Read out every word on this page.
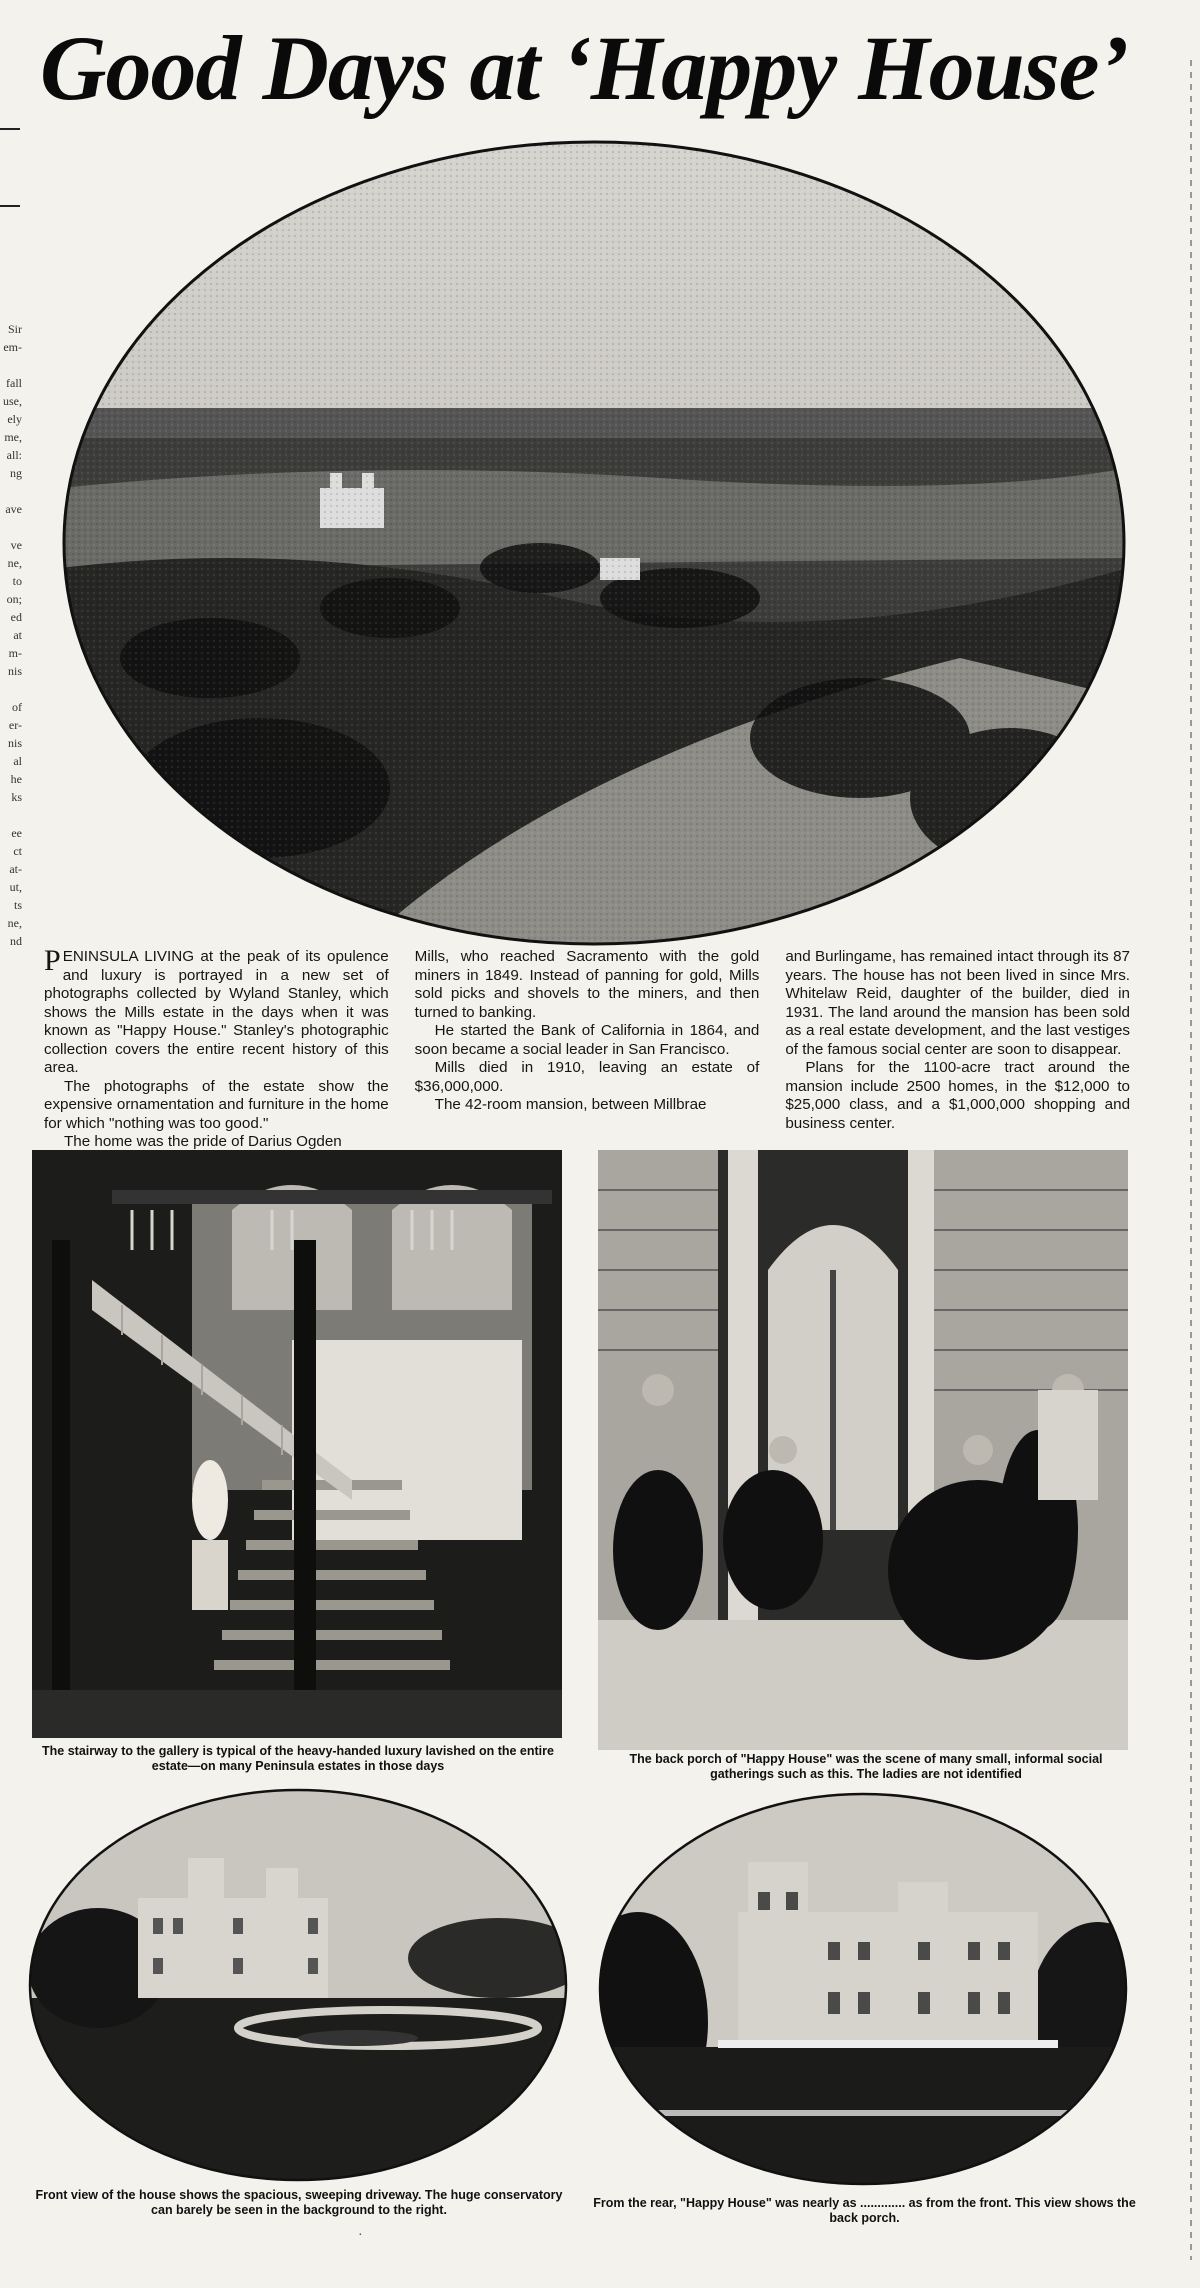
Sir
em-

fall
use,
ely
me,
all:
ng

ave

ve
ne,
to
on;
ed
at
m-
nis

of
er-
nis
al
he
ks

ee
ct
at-
ut,
ts
ne,
nd
Good Days at ‘Happy House’

PENINSULA LIVING at the peak of its opulence and luxury is portrayed in a new set of photographs collected by Wyland Stanley, which shows the Mills estate in the days when it was known as "Happy House." Stanley's photographic collection covers the entire recent history of this area.

The photographs of the estate show the expensive ornamentation and furniture in the home for which "nothing was too good."

The home was the pride of Darius Ogden

Mills, who reached Sacramento with the gold miners in 1849. Instead of panning for gold, Mills sold picks and shovels to the miners, and then turned to banking.

He started the Bank of California in 1864, and soon became a social leader in San Francisco.

Mills died in 1910, leaving an estate of $36,000,000.

The 42-room mansion, between Millbrae

and Burlingame, has remained intact through its 87 years. The house has not been lived in since Mrs. Whitelaw Reid, daughter of the builder, died in 1931. The land around the mansion has been sold as a real estate development, and the last vestiges of the famous social center are soon to disappear.

Plans for the 1100-acre tract around the mansion include 2500 homes, in the $12,000 to $25,000 class, and a $1,000,000 shopping and business center.

The stairway to the gallery is typical of the heavy-handed luxury lavished on the entire estate—on many Peninsula estates in those days	The back porch of "Happy House" was the scene of many small, informal social gatherings such as this. The ladies are not identified
Front view of the house shows the spacious, sweeping driveway. The huge conservatory can barely be seen in the background to the right.	From the rear, "Happy House" was nearly as ............. as from the front. This view shows the back porch.
·
